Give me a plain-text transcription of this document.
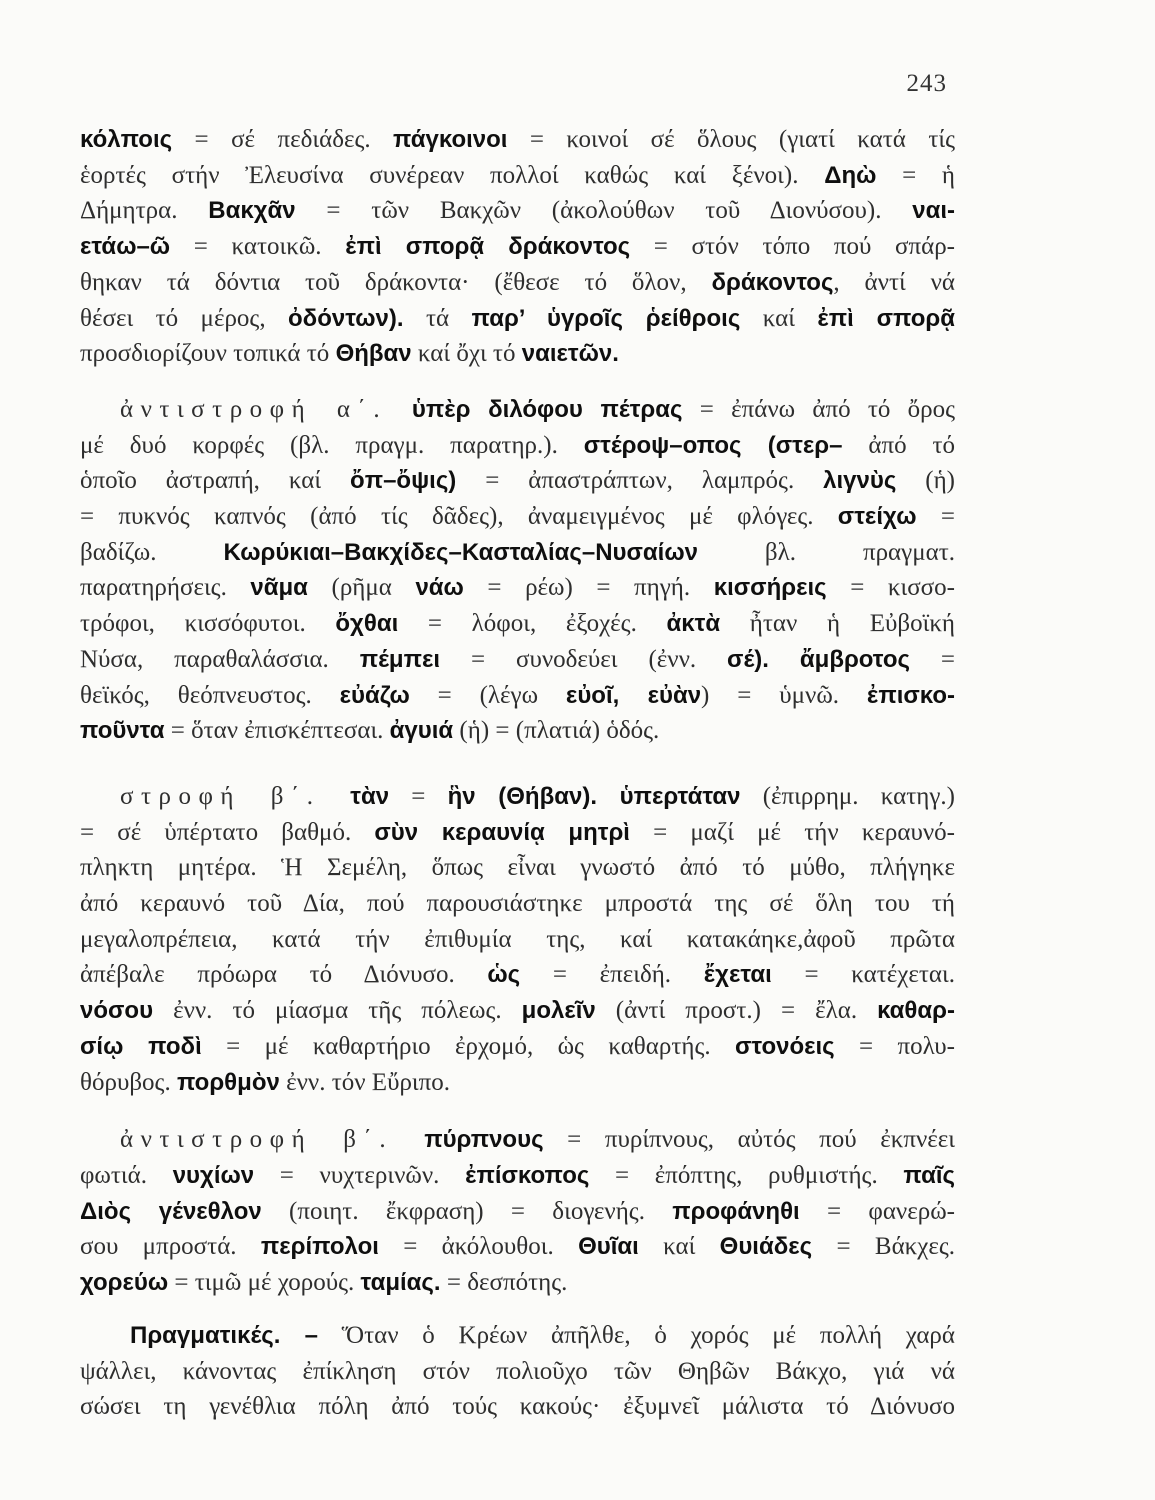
243
κόλποις = σέ πεδιάδες. πάγκοινοι = κοινοί σέ ὅλους (γιατί κατά τίς
ἑορτές στήν Ἐλευσίνα συνέρεαν πολλοί καθώς καί ξένοι). Δηὼ = ἡ
Δήμητρα. Βακχᾶν = τῶν Βακχῶν (ἀκολούθων τοῦ Διονύσου). ναι-
ετάω–ῶ = κατοικῶ. ἐπὶ σπορᾷ δράκοντος = στόν τόπο πού σπάρ-
θηκαν τά δόντια τοῦ δράκοντα· (ἔθεσε τό ὅλον, δράκοντος, ἀντί νά
θέσει τό μέρος, ὀδόντων). τά παρ’ ὑγροῖς ῥείθροις καί ἐπὶ σπορᾷ
προσδιορίζουν τοπικά τό Θήβαν καί ὄχι τό ναιετῶν.
ἀντιστροφή α΄. ὑπὲρ διλόφου πέτρας = ἐπάνω ἀπό τό ὄρος
μέ δυό κορφές (βλ. πραγμ. παρατηρ.). στέροψ–οπος (στερ– ἀπό τό
ὁποῖο ἀστραπή, καί ὄπ–ὄψις) = ἀπαστράπτων, λαμπρός. λιγνὺς (ἡ)
= πυκνός καπνός (ἀπό τίς δᾶδες), ἀναμειγμένος μέ φλόγες. στείχω =
βαδίζω. Κωρύκιαι–Βακχίδες–Κασταλίας–Νυσαίων βλ. πραγματ.
παρατηρήσεις. νᾶμα (ρῆμα νάω = ρέω) = πηγή. κισσήρεις = κισσο-
τρόφοι, κισσόφυτοι. ὄχθαι = λόφοι, ἐξοχές. ἀκτὰ ἦταν ἡ Εὐβοϊκή
Νύσα, παραθαλάσσια. πέμπει = συνοδεύει (ἐνν. σέ). ἄμβροτος =
θεϊκός, θεόπνευστος. εὐάζω = (λέγω εὐοῖ, εὐὰν) = ὑμνῶ. ἐπισκο-
ποῦντα = ὅταν ἐπισκέπτεσαι. ἀγυιά (ἡ) = (πλατιά) ὁδός.
στροφή β΄. τὰν = ἣν (Θήβαν). ὑπερτάταν (ἐπιρρημ. κατηγ.)
= σέ ὑπέρτατο βαθμό. σὺν κεραυνίᾳ μητρὶ = μαζί μέ τήν κεραυνό-
πληκτη μητέρα. Ἡ Σεμέλη, ὅπως εἶναι γνωστό ἀπό τό μύθο, πλήγηκε
ἀπό κεραυνό τοῦ Δία, πού παρουσιάστηκε μπροστά της σέ ὅλη του τή
μεγαλοπρέπεια, κατά τήν ἐπιθυμία της, καί κατακάηκε,ἀφοῦ πρῶτα
ἀπέβαλε πρόωρα τό Διόνυσο. ὡς = ἐπειδή. ἔχεται = κατέχεται.
νόσου ἐνν. τό μίασμα τῆς πόλεως. μολεῖν (ἀντί προστ.) = ἔλα. καθαρ-
σίῳ ποδὶ = μέ καθαρτήριο ἐρχομό, ὡς καθαρτής. στονόεις = πολυ-
θόρυβος. πορθμὸν ἐνν. τόν Εὔριπο.
ἀντιστροφή β΄. πύρπνους = πυρίπνους, αὐτός πού ἐκπνέει
φωτιά. νυχίων = νυχτερινῶν. ἐπίσκοπος = ἐπόπτης, ρυθμιστής. παῖς
Διὸς γένεθλον (ποιητ. ἔκφραση) = διογενής. προφάνηθι = φανερώ-
σου μπροστά. περίπολοι = ἀκόλουθοι. Θυῖαι καί Θυιάδες = Βάκχες.
χορεύω = τιμῶ μέ χορούς. ταμίας. = δεσπότης.
Πραγματικές. – Ὅταν ὁ Κρέων ἀπῆλθε, ὁ χορός μέ πολλή χαρά
ψάλλει, κάνοντας ἐπίκληση στόν πολιοῦχο τῶν Θηβῶν Βάκχο, γιά νά
σώσει τη γενέθλια πόλη ἀπό τούς κακούς· ἐξυμνεῖ μάλιστα τό Διόνυσο
